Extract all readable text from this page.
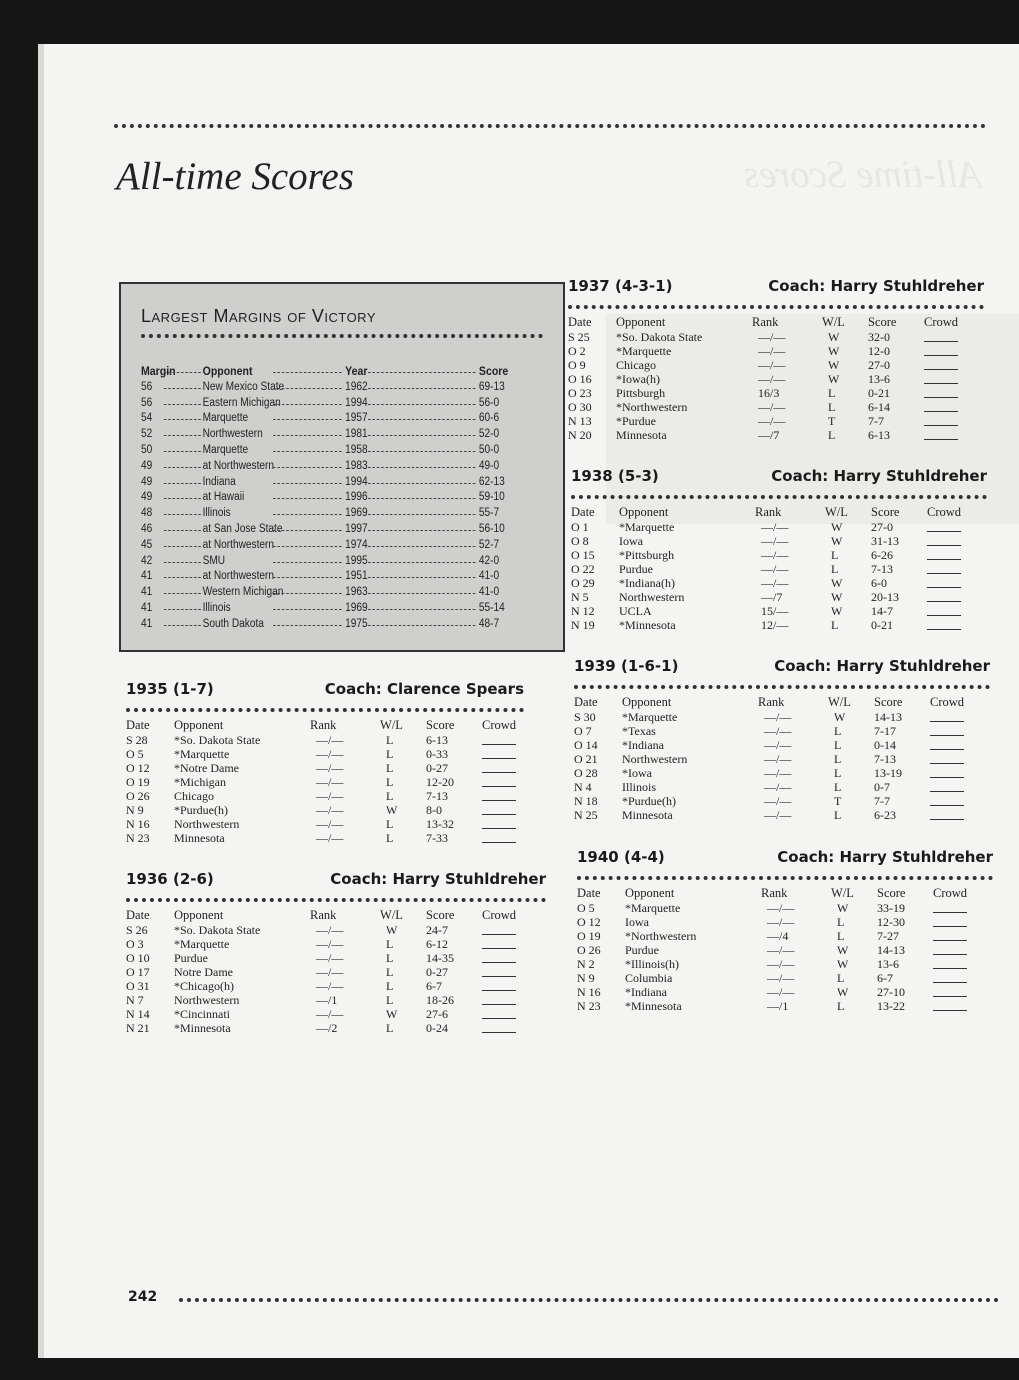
All-time Scores
All-time Scores
Largest Margins of Victory
Margin Opponent	Year	Score
56	New Mexico State	1962	69-13
56	Eastern Michigan	1994	56-0
54	Marquette	1957	60-6
52	Northwestern	1981	52-0
50	Marquette	1958	50-0
49	at Northwestern	1983	49-0
49	Indiana	1994	62-13
49	at Hawaii	1996	59-10
48	Illinois	1969	55-7
46	at San Jose State	1997	56-10
45	at Northwestern	1974	52-7
42	SMU	1995	42-0
41	at Northwestern	1951	41-0
41	Western Michigan	1963	41-0
41	Illinois	1969	55-14
41	South Dakota	1975	48-7
1935 (1-7)	Coach: Clarence Spears
Date Opponent	Rank	W/L Score Crowd
S 28 *So. Dakota State	—/—	L	6-13
O 5	*Marquette	—/—	L	0-33
O 12 *Notre Dame	—/—	L	0-27
O 19 *Michigan	—/—	L	12-20
O 26 Chicago	—/—	L	7-13
N 9	*Purdue(h)	—/—	W 8-0
N 16 Northwestern	—/—	L	13-32
N 23 Minnesota	—/—	L	7-33
1936 (2-6)	Coach: Harry Stuhldreher
Date Opponent	Rank	W/L Score Crowd
S 26 *So. Dakota State	—/—	W 24-7
O 3	*Marquette	—/—	L	6-12
O 10 Purdue	—/—	L	14-35
O 17 Notre Dame	—/—	L	0-27
O 31 *Chicago(h)	—/—	L	6-7
N 7	Northwestern	—/1	L	18-26
N 14 *Cincinnati	—/—	W 27-6
N 21 *Minnesota	—/2	L	0-24
1937 (4-3-1)	Coach: Harry Stuhldreher
Date Opponent	Rank	W/L Score Crowd
S 25 *So. Dakota State	—/—	W 32-0
O 2	*Marquette	—/—	W 12-0
O 9	Chicago	—/—	W 27-0
O 16 *Iowa(h)	—/—	W 13-6
O 23 Pittsburgh	16/3	L	0-21
O 30 *Northwestern	—/—	L	6-14
N 13 *Purdue	—/—	T	7-7
N 20 Minnesota	—/7	L	6-13
1938 (5-3)	Coach: Harry Stuhldreher
Date Opponent	Rank	W/L Score Crowd
O 1	*Marquette	—/—	W 27-0
O 8	Iowa	—/—	W 31-13
O 15 *Pittsburgh	—/—	L	6-26
O 22 Purdue	—/—	L	7-13
O 29 *Indiana(h)	—/—	W 6-0
N 5	Northwestern	—/7	W 20-13
N 12 UCLA	15/—	W 14-7
N 19 *Minnesota	12/—	L	0-21
1939 (1-6-1)	Coach: Harry Stuhldreher
Date Opponent	Rank	W/L Score Crowd
S 30 *Marquette	—/—	W 14-13
O 7	*Texas	—/—	L	7-17
O 14 *Indiana	—/—	L	0-14
O 21 Northwestern	—/—	L	7-13
O 28 *Iowa	—/—	L	13-19
N 4	Illinois	—/—	L	0-7
N 18 *Purdue(h)	—/—	T	7-7
N 25 Minnesota	—/—	L	6-23
1940 (4-4)	Coach: Harry Stuhldreher
Date Opponent	Rank	W/L Score Crowd
O 5	*Marquette	—/—	W 33-19
O 12 Iowa	—/—	L	12-30
O 19 *Northwestern	—/4	L	7-27
O 26 Purdue	—/—	W 14-13
N 2	*Illinois(h)	—/—	W 13-6
N 9	Columbia	—/—	L	6-7
N 16 *Indiana	—/—	W 27-10
N 23 *Minnesota	—/1	L	13-22
242
